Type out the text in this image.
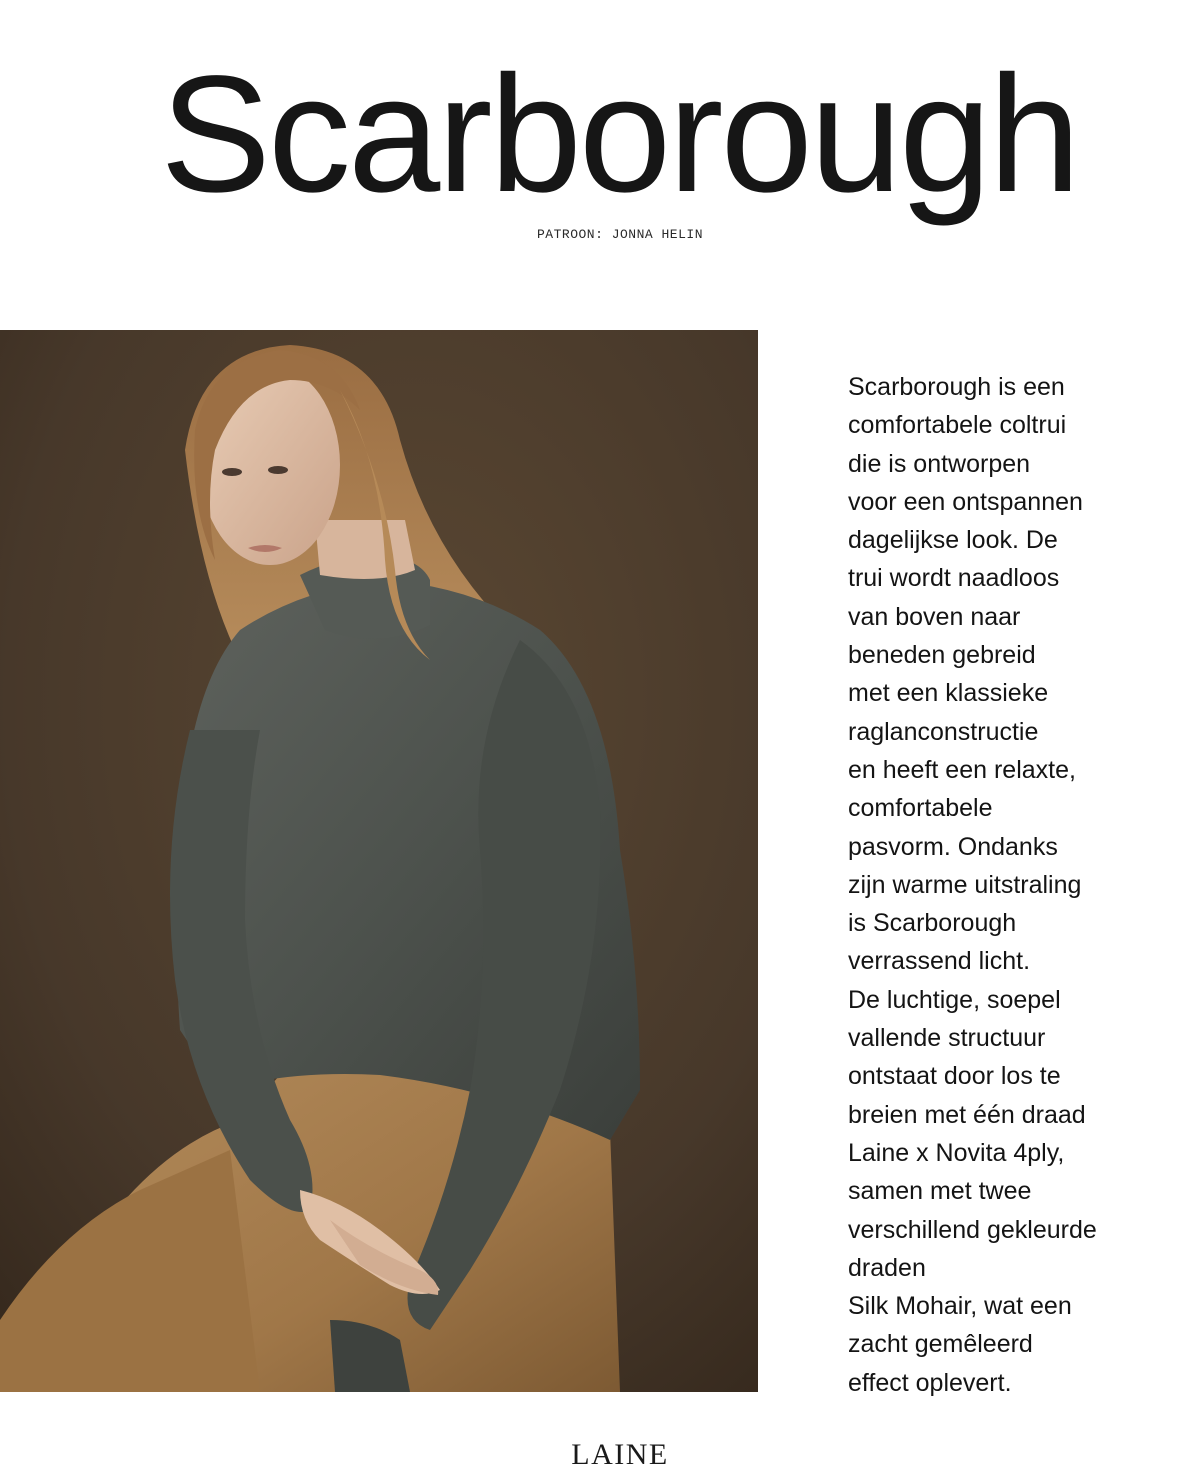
Scarborough
PATROON: JONNA HELIN
Scarborough is een
comfortabele coltrui
die is ontworpen
voor een ontspannen
dagelijkse look. De
trui wordt naadloos
van boven naar
beneden gebreid
met een klassieke
raglanconstructie
en heeft een relaxte,
comfortabele
pasvorm. Ondanks
zijn warme uitstraling
is Scarborough
verrassend licht.
De luchtige, soepel
vallende structuur
ontstaat door los te
breien met één draad
Laine x Novita 4ply,
samen met twee
verschillend gekleurde
draden
Silk Mohair, wat een
zacht gemêleerd
effect oplevert.
LAINE
